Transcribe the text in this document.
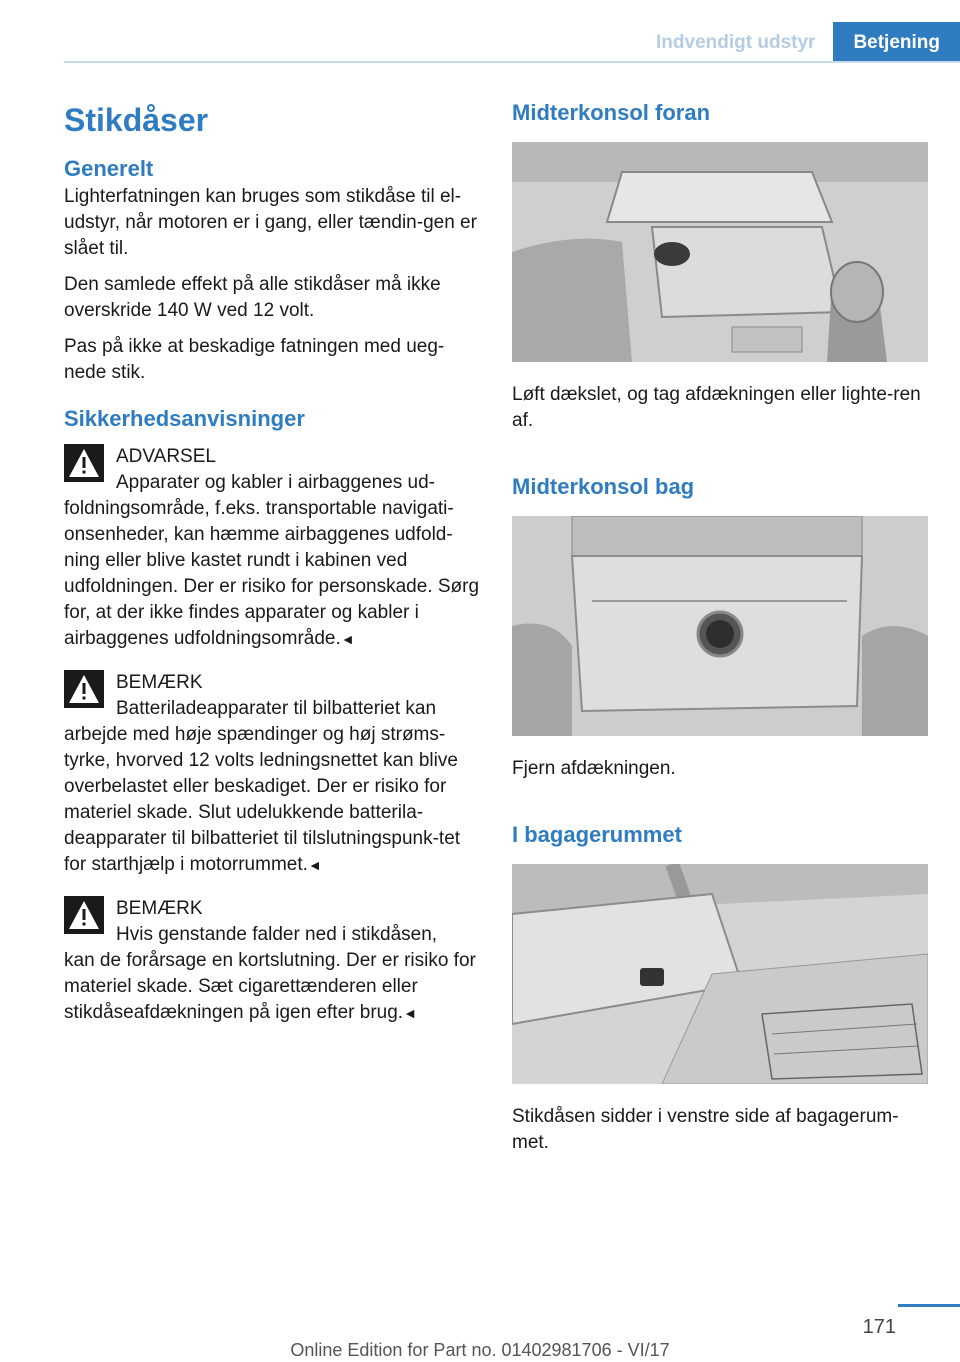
Indvendigt udstyr	Betjening
Stikdåser
Generelt

Lighterfatningen kan bruges som stikdåse til el-udstyr, når motoren er i gang, eller tændin-gen er slået til.

Den samlede effekt på alle stikdåser må ikke overskride 140 W ved 12 volt.

Pas på ikke at beskadige fatningen med ueg-nede stik.

Sikkerhedsanvisninger
ADVARSEL
Apparater og kabler i airbaggenes ud-
foldningsområde, f.eks. transportable navigati-onsenheder, kan hæmme airbaggenes udfold-ning eller blive kastet rundt i kabinen ved udfoldningen. Der er risiko for personskade. Sørg for, at der ikke findes apparater og kabler i airbaggenes udfoldningsområde.◄
BEMÆRK
Batteriladeapparater til bilbatteriet kan
arbejde med høje spændinger og høj strøms-tyrke, hvorved 12 volts ledningsnettet kan blive overbelastet eller beskadiget. Der er risiko for materiel skade. Slut udelukkende batterila-deapparater til bilbatteriet til tilslutningspunk-tet for starthjælp i motorrummet.◄
BEMÆRK
Hvis genstande falder ned i stikdåsen,
kan de forårsage en kortslutning. Der er risiko for materiel skade. Sæt cigarettænderen eller stikdåseafdækningen på igen efter brug.◄
Midterkonsol foran
Løft dækslet, og tag afdækningen eller lighte-ren af.
Midterkonsol bag
Fjern afdækningen.
I bagagerummet
Stikdåsen sidder i venstre side af bagagerum-met.
171
Online Edition for Part no. 01402981706 - VI/17
